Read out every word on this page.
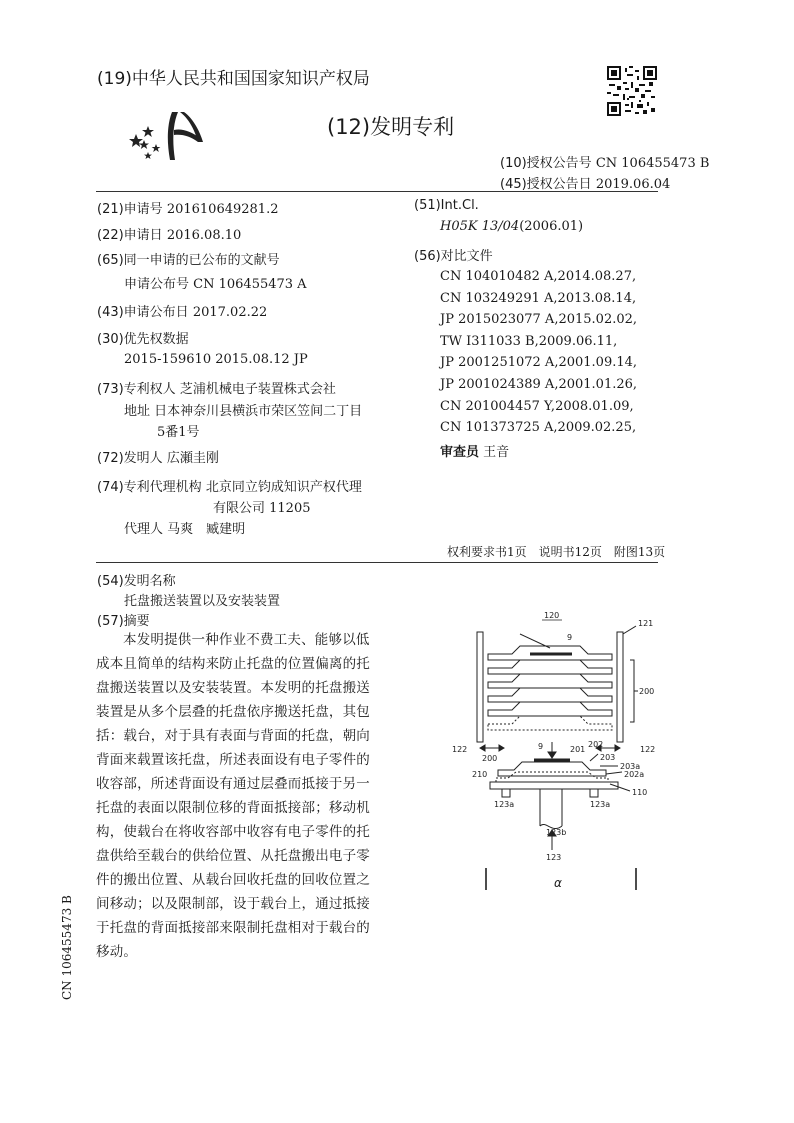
(19)中华人民共和国国家知识产权局
(12)发明专利
(10)授权公告号 CN 106455473 B
(45)授权公告日 2019.06.04
(21)申请号 201610649281.2
(22)申请日 2016.08.10
(65)同一申请的已公布的文献号
申请公布号 CN 106455473 A
(43)申请公布日 2017.02.22
(30)优先权数据
2015-159610 2015.08.12 JP
(73)专利权人 芝浦机械电子装置株式会社
地址 日本神奈川县横浜市荣区笠间二丁目
5番1号
(72)发明人 広瀬圭刚
(74)专利代理机构 北京同立钧成知识产权代理
有限公司 11205
代理人 马爽　臧建明
(51)Int.Cl.
H05K 13/04(2006.01)
(56)对比文件
CN 104010482 A,2014.08.27,
CN 103249291 A,2013.08.14,
JP 2015023077 A,2015.02.02,
TW I311033 B,2009.06.11,
JP 2001251072 A,2001.09.14,
JP 2001024389 A,2001.01.26,
CN 201004457 Y,2008.01.09,
CN 101373725 A,2009.02.25,
审查员 王音
权利要求书1页　说明书12页　附图13页
(54)发明名称
托盘搬送装置以及安装装置
(57)摘要
本发明提供一种作业不费工夫、能够以低成本且简单的结构来防止托盘的位置偏离的托盘搬送装置以及安装装置。本发明的托盘搬送装置是从多个层叠的托盘依序搬送托盘，其包括：载台，对于具有表面与背面的托盘，朝向背面来载置该托盘，所述表面设有电子零件的收容部，所述背面设有通过层叠而抵接于另一托盘的表面以限制位移的背面抵接部；移动机构，使载台在将收容部中收容有电子零件的托盘供给至载台的供给位置、从托盘搬出电子零件的搬出位置、从载台回收托盘的回收位置之间移动；以及限制部，设于载台上，通过抵接于托盘的背面抵接部来限制托盘相对于载台的移动。
120
121
9
200
122
200
9	201
202
122
203
210
203a
202a
110
123a	123a
123b
123
α
CN 106455473 B
